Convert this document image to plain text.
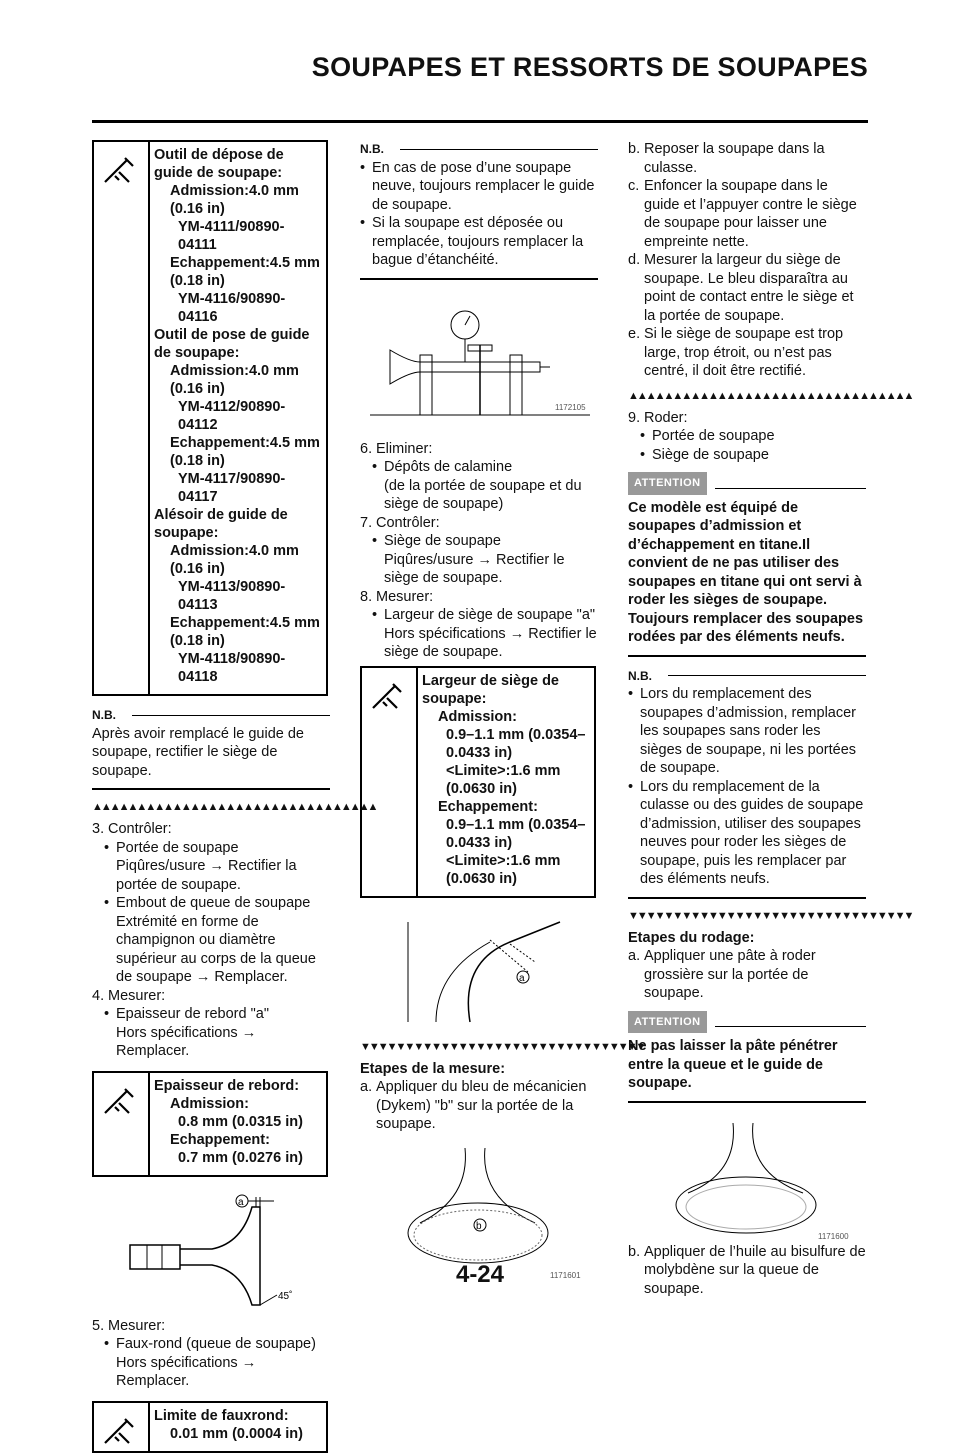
SOUPAPES ET RESSORTS DE SOUPAPES
Outil de dépose de guide de soupape:
Admission:4.0 mm (0.16 in)
YM-4111/90890-04111
Echappement:4.5 mm (0.18 in)
YM-4116/90890-04116
Outil de pose de guide de soupape:
Admission:4.0 mm (0.16 in)
YM-4112/90890-04112
Echappement:4.5 mm (0.18 in)
YM-4117/90890-04117
Alésoir de guide de soupape:
Admission:4.0 mm (0.16 in)
YM-4113/90890-04113
Echappement:4.5 mm (0.18 in)
YM-4118/90890-04118
N.B.
Après avoir remplacé le guide de soupape, rectifier le siège de soupape.
▲▲▲▲▲▲▲▲▲▲▲▲▲▲▲▲▲▲▲▲▲▲▲▲▲▲▲▲▲▲▲▲
3. Contrôler:
• Portée de soupape
Piqûres/usure → Rectifier la portée de soupape.
• Embout de queue de soupape
Extrémité en forme de champignon ou diamètre supérieur au corps de la queue de soupape → Remplacer.
4. Mesurer:
• Epaisseur de rebord "a"
Hors spécifications → Remplacer.
Epaisseur de rebord:
Admission:
0.8 mm (0.0315 in)
Echappement:
0.7 mm (0.0276 in)
a
45˚
5. Mesurer:
• Faux-rond (queue de soupape)
Hors spécifications → Remplacer.
Limite de fauxrond:
0.01 mm (0.0004 in)
N.B.
• En cas de pose d’une soupape neuve, toujours remplacer le guide de soupape.
• Si la soupape est déposée ou remplacée, toujours remplacer la bague d’étanchéité.
1172105
6. Eliminer:
• Dépôts de calamine
(de la portée de soupape et du siège de soupape)
7. Contrôler:
• Siège de soupape
Piqûres/usure → Rectifier le siège de soupape.
8. Mesurer:
• Largeur de siège de soupape "a"
Hors spécifications → Rectifier le siège de soupape.
Largeur de siège de soupape:
Admission:
0.9–1.1 mm (0.0354–0.0433 in)
<Limite>:1.6 mm (0.0630 in)
Echappement:
0.9–1.1 mm (0.0354–0.0433 in)
<Limite>:1.6 mm (0.0630 in)
a
▼▼▼▼▼▼▼▼▼▼▼▼▼▼▼▼▼▼▼▼▼▼▼▼▼▼▼▼▼▼▼▼
Etapes de la mesure:
a. Appliquer du bleu de mécanicien (Dykem) "b" sur la portée de la soupape.
b
1171601
b. Reposer la soupape dans la culasse.
c. Enfoncer la soupape dans le guide et l’appuyer contre le siège de soupape pour laisser une empreinte nette.
d. Mesurer la largeur du siège de soupape. Le bleu disparaîtra au point de contact entre le siège et la portée de soupape.
e. Si le siège de soupape est trop large, trop étroit, ou n’est pas centré, il doit être rectifié.
▲▲▲▲▲▲▲▲▲▲▲▲▲▲▲▲▲▲▲▲▲▲▲▲▲▲▲▲▲▲▲▲
9. Roder:
• Portée de soupape
• Siège de soupape
ATTENTION
Ce modèle est équipé de soupapes d’admission et d’échappement en titane.Il convient de ne pas utiliser des soupapes en titane qui ont servi à roder les sièges de soupape. Toujours remplacer des soupapes rodées par des éléments neufs.
N.B.
• Lors du remplacement des soupapes d’admission, remplacer les soupapes sans roder les sièges de soupape, ni les portées de soupape.
• Lors du remplacement de la culasse ou des guides de soupape d’admission, utiliser des soupapes neuves pour roder les sièges de soupape, puis les remplacer par des éléments neufs.
▼▼▼▼▼▼▼▼▼▼▼▼▼▼▼▼▼▼▼▼▼▼▼▼▼▼▼▼▼▼▼▼
Etapes du rodage:
a. Appliquer une pâte à roder grossière sur la portée de soupape.
ATTENTION
Ne pas laisser la pâte pénétrer entre la queue et le guide de soupape.
1171600
b. Appliquer de l’huile au bisulfure de molybdène sur la queue de soupape.
4-24
